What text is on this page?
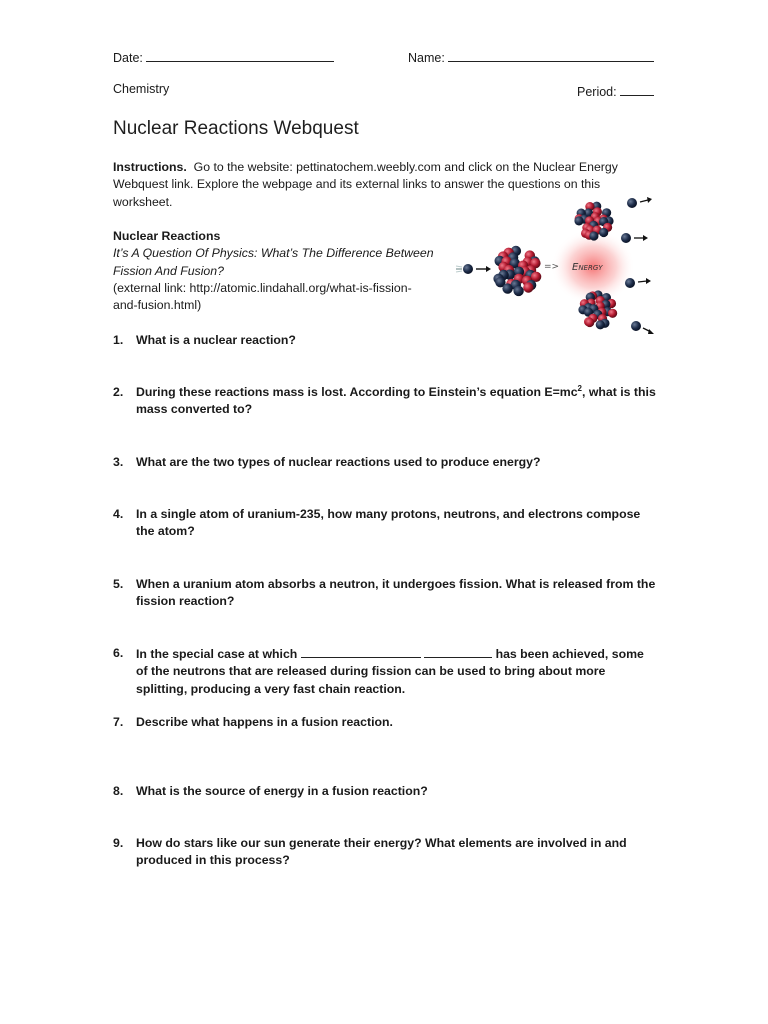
Date:	Name:
Chemistry	Period:
Nuclear Reactions Webquest
Instructions. Go to the website: pettinatochem.weebly.com and click on the Nuclear Energy
Webquest link. Explore the webpage and its external links to answer the questions on this
worksheet.
Nuclear Reactions
It’s A Question Of Physics: What’s The Difference Between
Fission And Fusion?
(external link: http://atomic.lindahall.org/what-is-fission-
and-fusion.html)
=> Energy
1. What is a nuclear reaction?
2. During these reactions mass is lost. According to Einstein’s equation $E=mc^2$, what is this mass converted to?
3. What are the two types of nuclear reactions used to produce energy?
4. In a single atom of uranium-235, how many protons, neutrons, and electrons compose the atom?
5. When a uranium atom absorbs a neutron, it undergoes fission. What is released from the fission reaction?
6. In the special case at which	has been achieved, some of the neutrons that are released during fission can be used to bring about more splitting, producing a very fast chain reaction.
7. Describe what happens in a fusion reaction.
8. What is the source of energy in a fusion reaction?
9. How do stars like our sun generate their energy? What elements are involved in and produced in this process?
